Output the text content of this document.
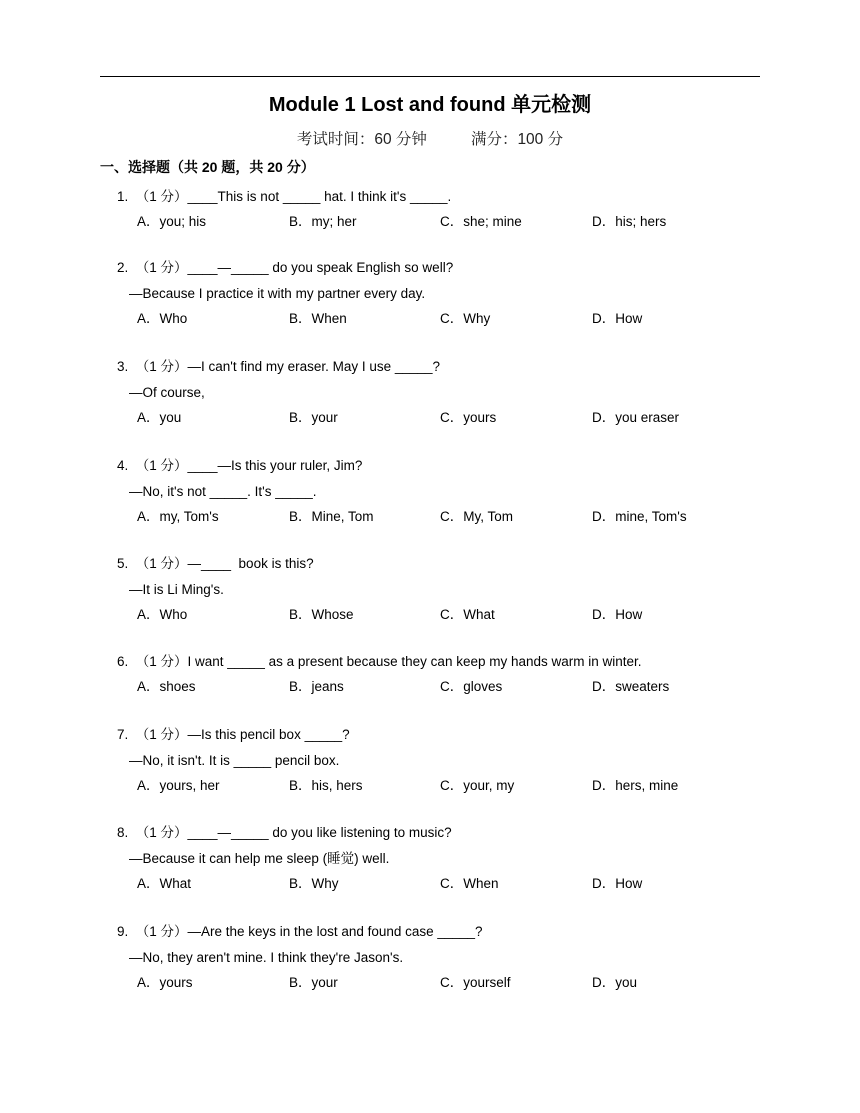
Module 1 Lost and found 单元检测
考试时间：60 分钟	满分：100 分
一、选择题（共 20 题，共 20 分）
1.  （1 分）____This is not _____ hat. I think it's _____.
A．you; his	B．my; her	C．she; mine	D．his; hers
2.  （1 分）____—_____ do you speak English so well?
—Because I practice it with my partner every day.
A．Who	B．When	C．Why	D．How
3.  （1 分）—I can't find my eraser. May I use _____?
—Of course,
A．you	B．your	C．yours	D．you eraser
4.  （1 分）____—Is this your ruler, Jim?
—No, it's not _____. It's _____.
A．my, Tom's	B．Mine, Tom	C．My, Tom	D．mine, Tom's
5.  （1 分）—____  book is this?
—It is Li Ming's.
A．Who	B．Whose	C．What	D．How
6.  （1 分）I want _____ as a present because they can keep my hands warm in winter.
A．shoes	B．jeans	C．gloves	D．sweaters
7.  （1 分）—Is this pencil box _____?
—No, it isn't. It is _____ pencil box.
A．yours, her	B．his, hers	C．your, my	D．hers, mine
8.  （1 分）____—_____ do you like listening to music?
—Because it can help me sleep (睡觉) well.
A．What	B．Why	C．When	D．How
9.  （1 分）—Are the keys in the lost and found case _____?
—No, they aren't mine. I think they're Jason's.
A．yours	B．your	C．yourself	D．you
